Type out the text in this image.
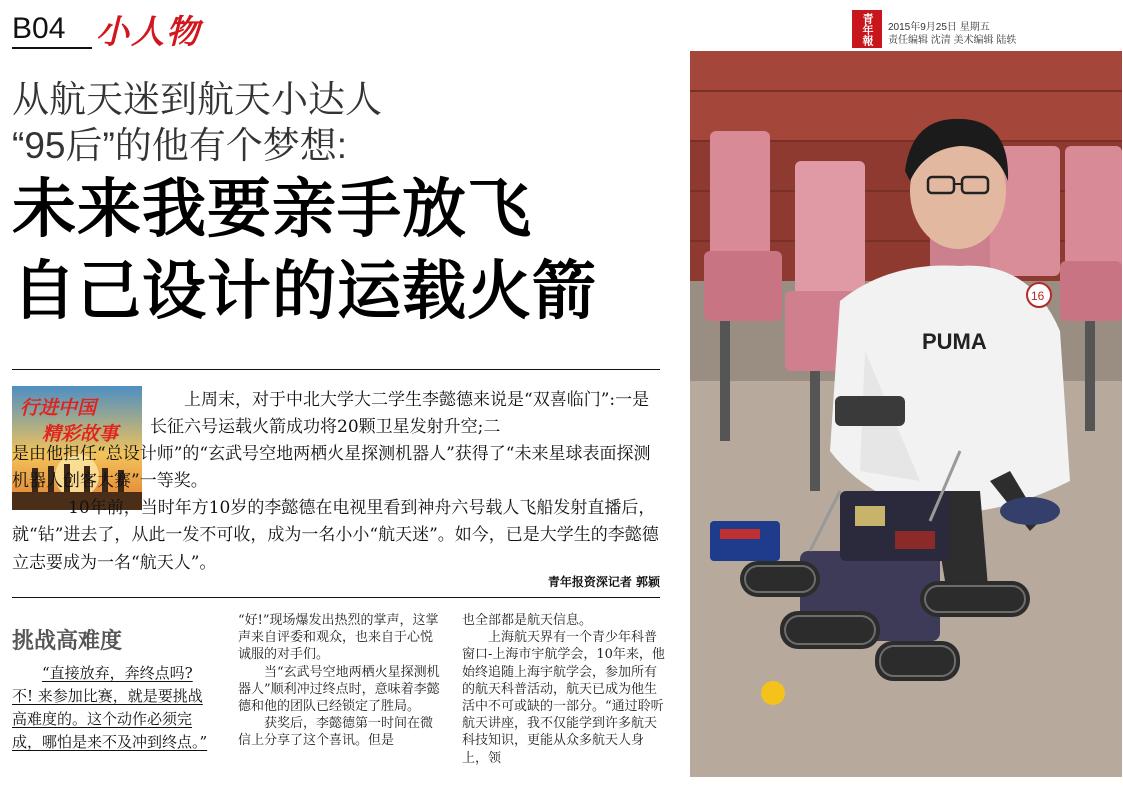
B04 小人物	青年報	2015年9月25日 星期五
责任编辑 沈清 美术编辑 陆轶
从航天迷到航天小达人
“95后”的他有个梦想:
未来我要亲手放飞
自己设计的运载火箭
PUMA
16
行进中国
精彩故事
上周末，对于中北大学大二学生李懿德来说是“双喜临门”:一是长征六号运载火箭成功将20颗卫星发射升空;二
是由他担任“总设计师”的“玄武号空地两栖火星探测机器人”获得了“未来星球表面探测机器人创客大赛”一等奖。
10年前，当时年方10岁的李懿德在电视里看到神舟六号载人飞船发射直播后，就“钻”进去了，从此一发不可收，成为一名小小“航天迷”。如今，已是大学生的李懿德立志要成为一名“航天人”。
青年报资深记者 郭颖
挑战高难度
“直接放弃，奔终点吗? 不! 来参加比赛，就是要挑战高难度的。这个动作必须完成，哪怕是来不及冲到终点。”

“好!”现场爆发出热烈的掌声，这掌声来自评委和观众，也来自于心悦诚服的对手们。

当“玄武号空地两栖火星探测机器人”顺利冲过终点时，意味着李懿德和他的团队已经锁定了胜局。

获奖后，李懿德第一时间在微信上分享了这个喜讯。但是

也全部都是航天信息。

上海航天界有一个青少年科普窗口-上海市宇航学会，10年来，他始终追随上海宇航学会，参加所有的航天科普活动，航天已成为他生活中不可或缺的一部分。“通过聆听航天讲座，我不仅能学到许多航天科技知识，更能从众多航天人身上，领
